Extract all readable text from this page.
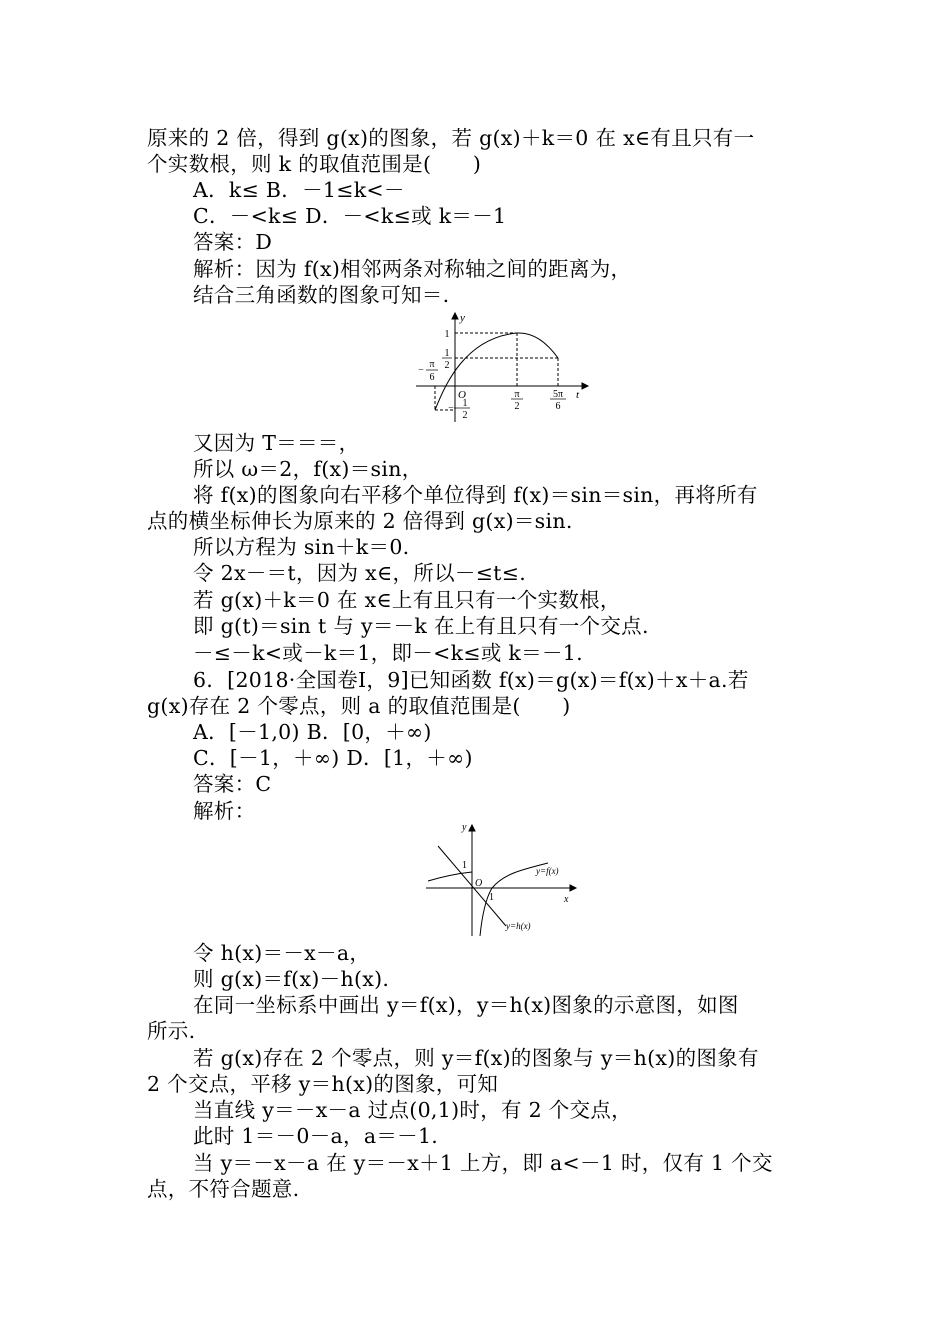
原来的 2 倍，得到 g(x)的图象，若 g(x)＋k＝0 在 x∈有且只有一
个实数根，则 k 的取值范围是(　　)
A．k≤ B．－1≤k<－
C．－<k≤ D．－<k≤或 k＝－1
答案：D
解析：因为 f(x)相邻两条对称轴之间的距离为，
结合三角函数的图象可知＝.
y
t
O
1
1
2
1
−
2
π
−
6
π
2
5π
6
又因为 T＝＝＝，
所以 ω＝2，f(x)＝sin，
将 f(x)的图象向右平移个单位得到 f(x)＝sin＝sin，再将所有
点的横坐标伸长为原来的 2 倍得到 g(x)＝sin.
所以方程为 sin＋k＝0.
令 2x－＝t，因为 x∈，所以－≤t≤.
若 g(x)＋k＝0 在 x∈上有且只有一个实数根，
即 g(t)＝sin t 与 y＝－k 在上有且只有一个交点.
－≤－k<或－k＝1，即－<k≤或 k＝－1.
6．[2018·全国卷Ⅰ，9]已知函数 f(x)＝g(x)＝f(x)＋x＋a.若
g(x)存在 2 个零点，则 a 的取值范围是(　　)
A．[－1,0) B．[0，＋∞)
C．[－1，＋∞) D．[1，＋∞)
答案：C
解析：
y
x
O
1
1
y=f(x)
y=h(x)
令 h(x)＝－x－a，
则 g(x)＝f(x)－h(x).
在同一坐标系中画出 y＝f(x)，y＝h(x)图象的示意图，如图
所示.
若 g(x)存在 2 个零点，则 y＝f(x)的图象与 y＝h(x)的图象有
2 个交点，平移 y＝h(x)的图象，可知
当直线 y＝－x－a 过点(0,1)时，有 2 个交点，
此时 1＝－0－a，a＝－1.
当 y＝－x－a 在 y＝－x＋1 上方，即 a<－1 时，仅有 1 个交
点，不符合题意.
